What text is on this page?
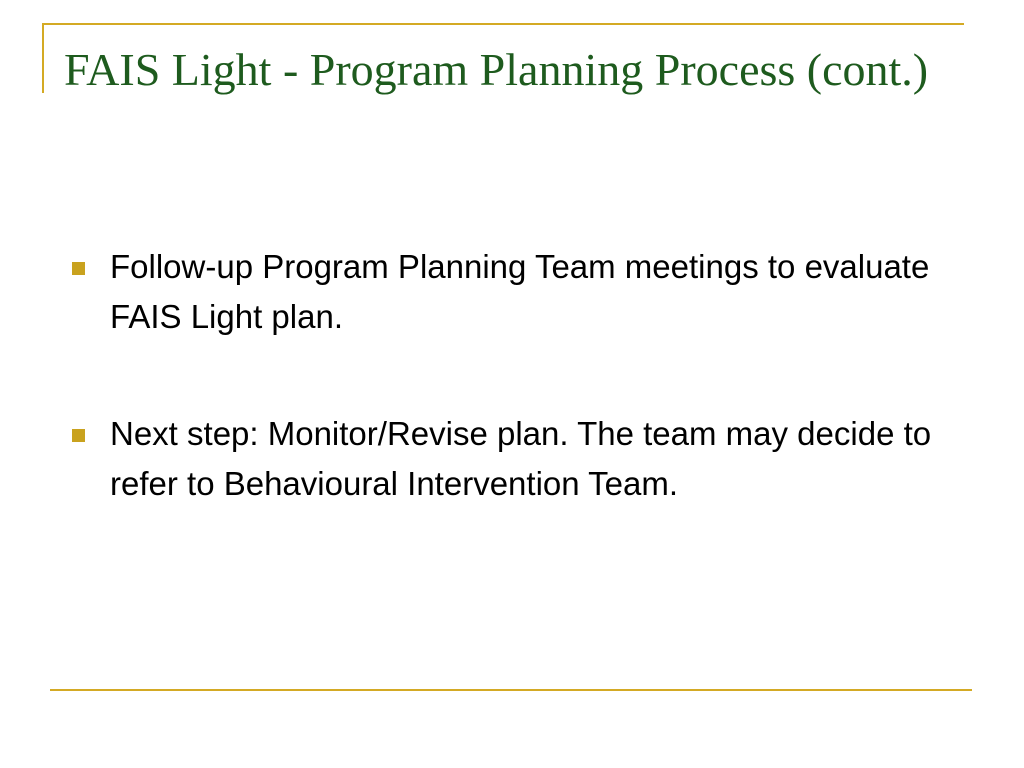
FAIS Light - Program Planning Process (cont.)
Follow-up Program Planning Team meetings to evaluate FAIS Light plan.
Next step: Monitor/Revise plan. The team may decide to refer to Behavioural Intervention Team.
